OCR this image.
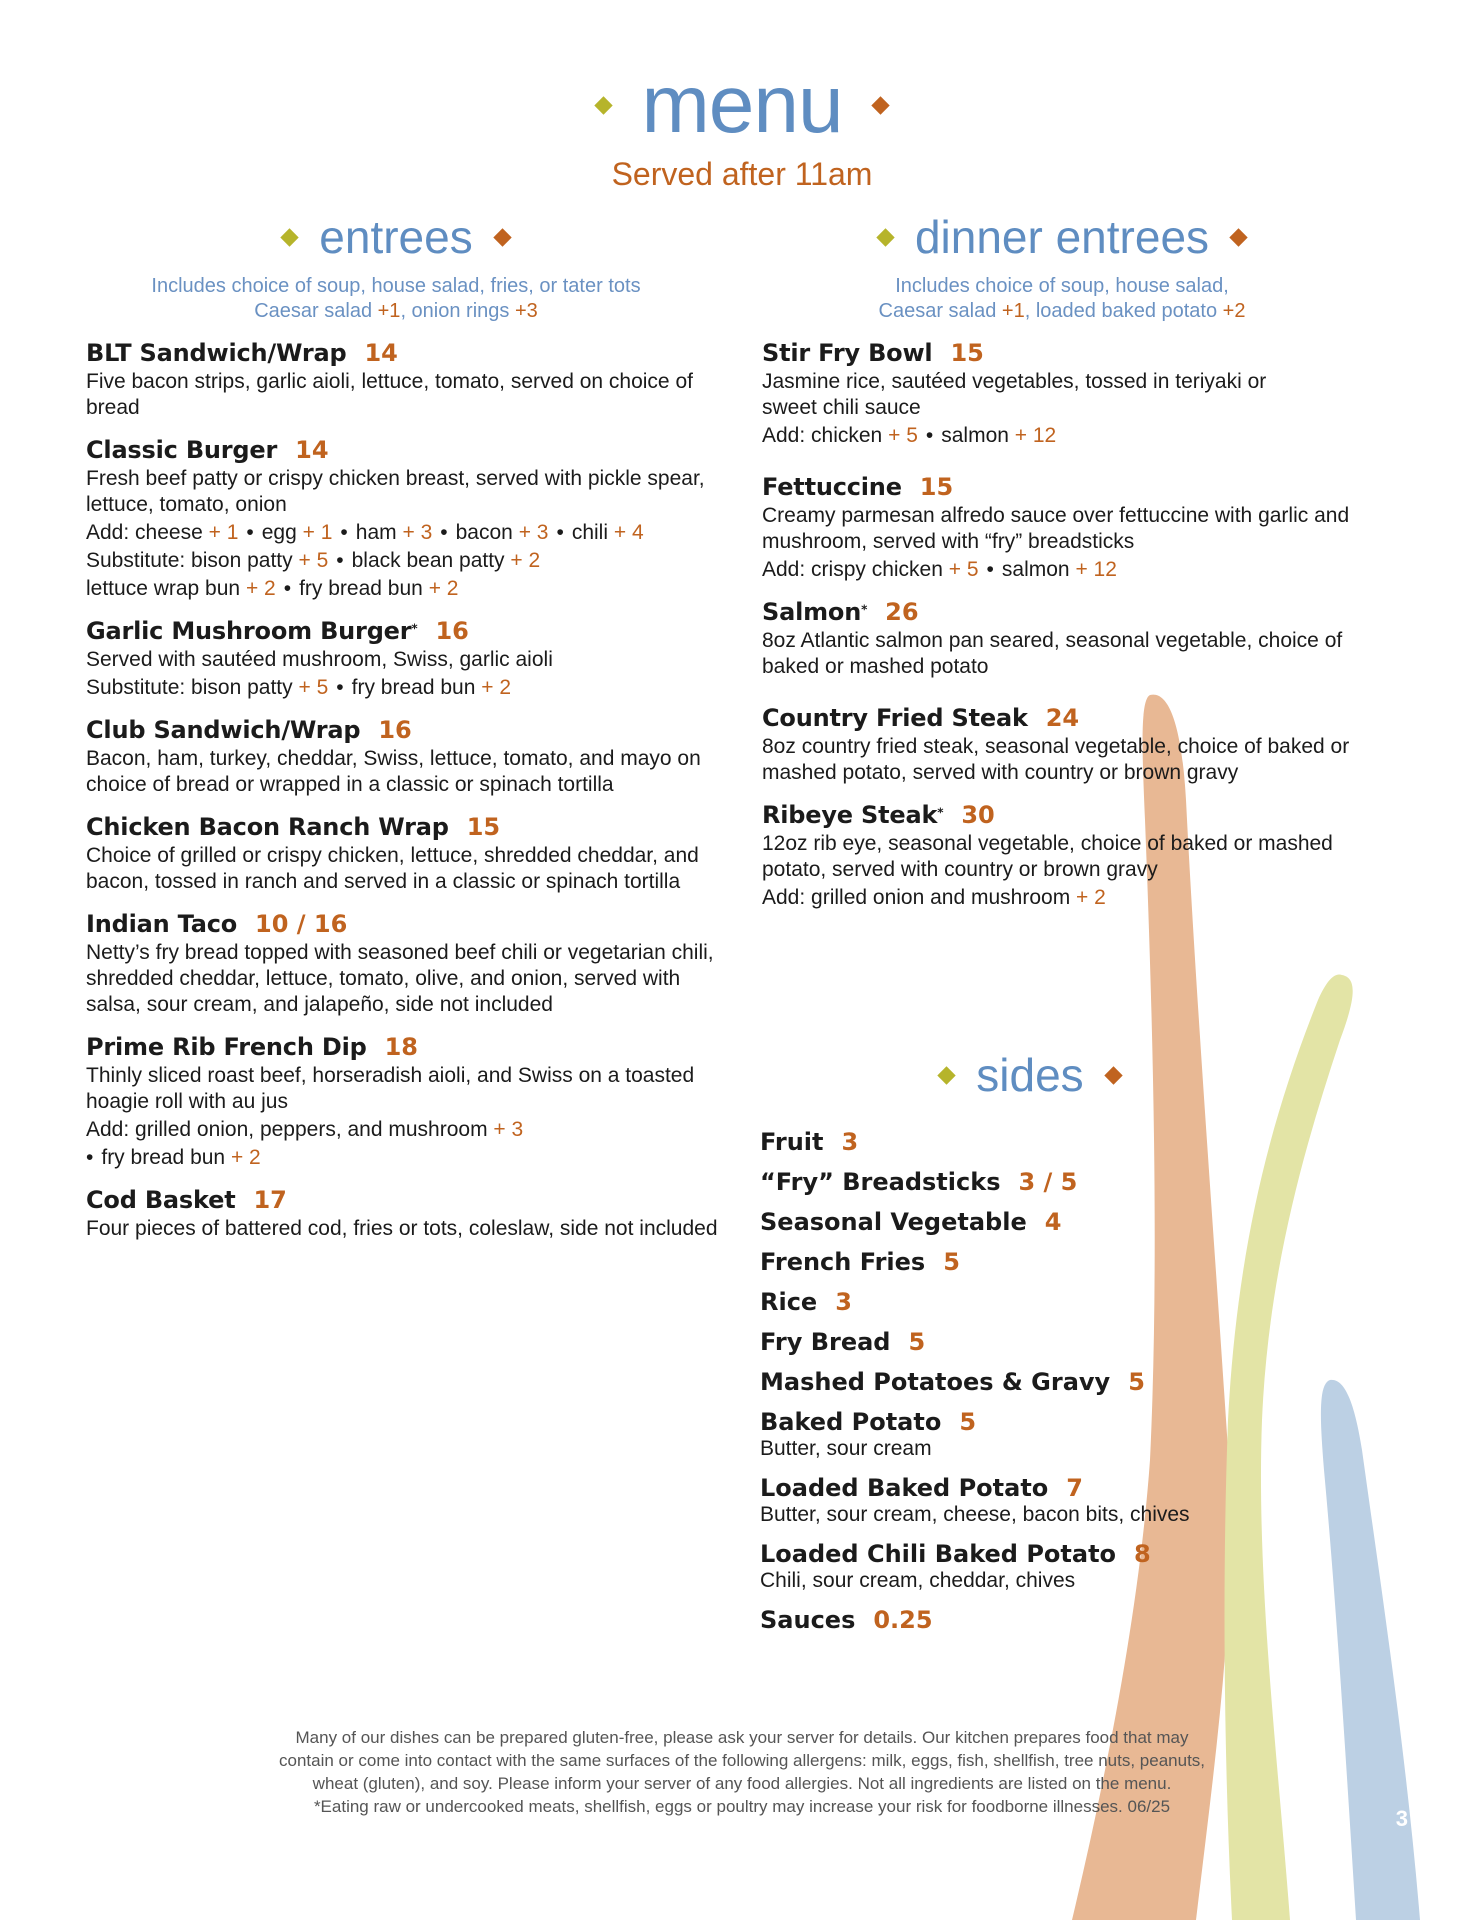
menu
Served after 11am
entrees
Includes choice of soup, house salad, fries, or tater tots
Caesar salad +1, onion rings +3
BLT Sandwich/Wrap 14
Five bacon strips, garlic aioli, lettuce, tomato, served on choice of bread
Classic Burger 14
Fresh beef patty or crispy chicken breast, served with pickle spear, lettuce, tomato, onion
Add: cheese + 1 • egg + 1 • ham + 3 • bacon + 3 • chili + 4
Substitute: bison patty + 5 • black bean patty + 2
lettuce wrap bun + 2 • fry bread bun + 2
Garlic Mushroom Burger* 16
Served with sautéed mushroom, Swiss, garlic aioli
Substitute: bison patty + 5 • fry bread bun + 2
Club Sandwich/Wrap 16
Bacon, ham, turkey, cheddar, Swiss, lettuce, tomato, and mayo on choice of bread or wrapped in a classic or spinach tortilla
Chicken Bacon Ranch Wrap 15
Choice of grilled or crispy chicken, lettuce, shredded cheddar, and bacon, tossed in ranch and served in a classic or spinach tortilla
Indian Taco 10 / 16
Netty’s fry bread topped with seasoned beef chili or vegetarian chili, shredded cheddar, lettuce, tomato, olive, and onion, served with salsa, sour cream, and jalapeño, side not included
Prime Rib French Dip 18
Thinly sliced roast beef, horseradish aioli, and Swiss on a toasted hoagie roll with au jus
Add: grilled onion, peppers, and mushroom + 3
• fry bread bun + 2
Cod Basket 17
Four pieces of battered cod, fries or tots, coleslaw, side not included
dinner entrees
Includes choice of soup, house salad,
Caesar salad +1, loaded baked potato +2
Stir Fry Bowl 15
Jasmine rice, sautéed vegetables, tossed in teriyaki or sweet chili sauce
Add: chicken + 5 • salmon + 12
Fettuccine 15
Creamy parmesan alfredo sauce over fettuccine with garlic and mushroom, served with “fry” breadsticks
Add: crispy chicken + 5 • salmon + 12
Salmon* 26
8oz Atlantic salmon pan seared, seasonal vegetable, choice of baked or mashed potato
Country Fried Steak 24
8oz country fried steak, seasonal vegetable, choice of baked or mashed potato, served with country or brown gravy
Ribeye Steak* 30
12oz rib eye, seasonal vegetable, choice of baked or mashed potato, served with country or brown gravy
Add: grilled onion and mushroom + 2
sides
Fruit 3
“Fry” Breadsticks 3 / 5
Seasonal Vegetable 4
French Fries 5
Rice 3
Fry Bread 5
Mashed Potatoes & Gravy 5
Baked Potato 5
Butter, sour cream
Loaded Baked Potato 7
Butter, sour cream, cheese, bacon bits, chives
Loaded Chili Baked Potato 8
Chili, sour cream, cheddar, chives
Sauces 0.25
Many of our dishes can be prepared gluten-free, please ask your server for details. Our kitchen prepares food that may
contain or come into contact with the same surfaces of the following allergens: milk, eggs, fish, shellfish, tree nuts, peanuts,
wheat (gluten), and soy. Please inform your server of any food allergies. Not all ingredients are listed on the menu.
*Eating raw or undercooked meats, shellfish, eggs or poultry may increase your risk for foodborne illnesses. 06/25	3
